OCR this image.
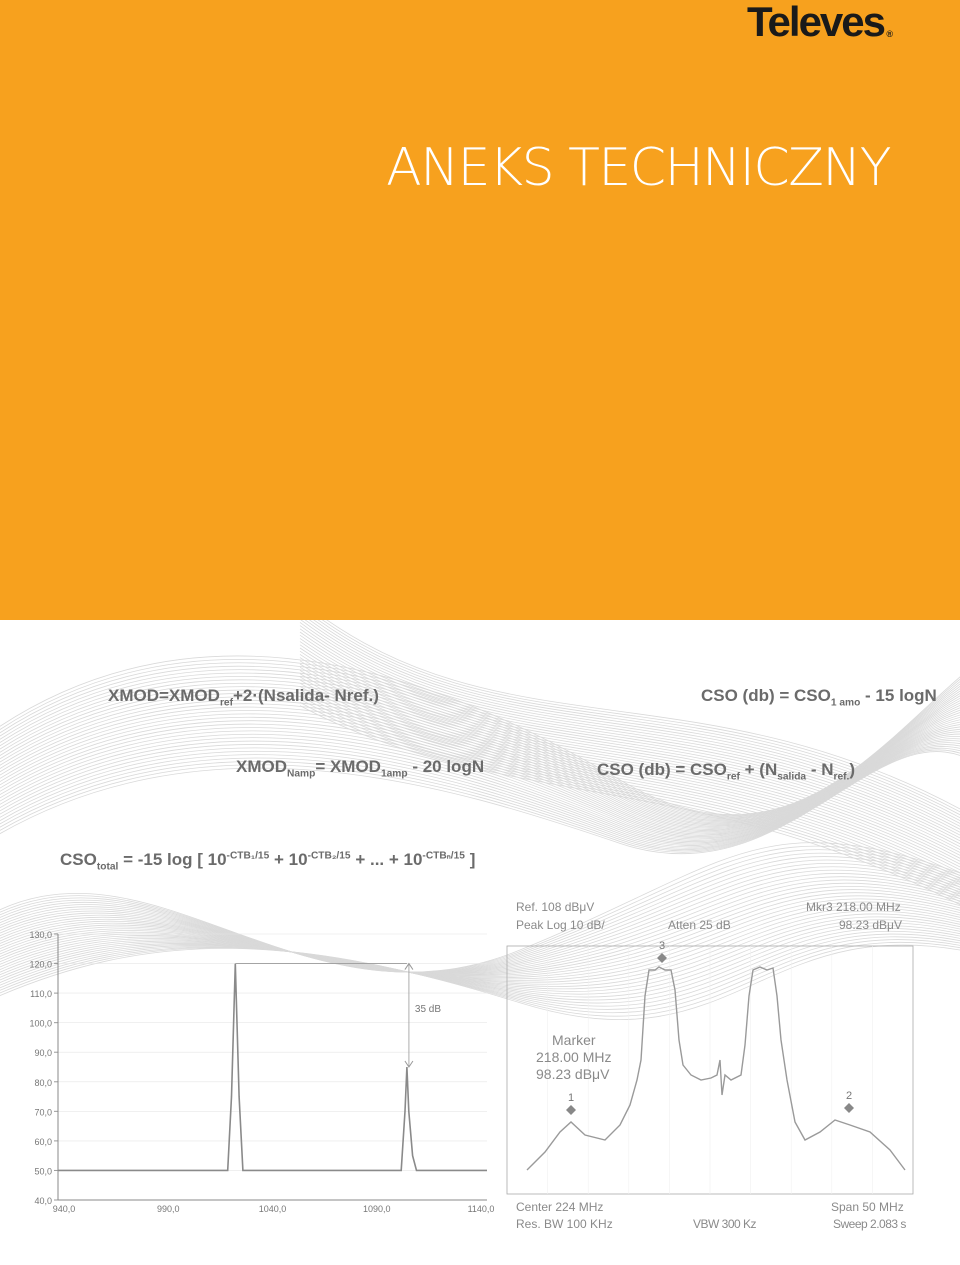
Televes ®
ANEKS TECHNICZNY
$XMOD=XMOD_{ref}+2\cdot(Nsalida-$ Nref.)	CSO $(db) = CSO_{1 amo} - 15$ logN
$XMOD_{Namp}=$ $XMOD_{1amp} - 20$ logN	CSO $(db) = CSO_{ref} + (N_{salida} - N_{ref.})$
$CSO_{total} = -15$ log [ $10^{-CTB_1/15} + 10^{-CTB_2/15}$ + ... + $10^{-CTB_n/15}$ ]
130,0
120,0
110,0
100,0
90,0
80,0
70,0
60,0
50,0
40,0
940,0	990,0	1040,0	1090,0	1140,0
35 dB
1	2
3
Ref. 108 dBμV
Peak Log 10 dB/	Atten 25 dB
Mkr3 218.00 MHz
98.23 dBμV
Marker
218.00 MHz
98.23 dBμV
Center 224 MHz	Span 50 MHz
Res. BW 100 KHz	VBW 300 Kz	Sweep 2.083 s
